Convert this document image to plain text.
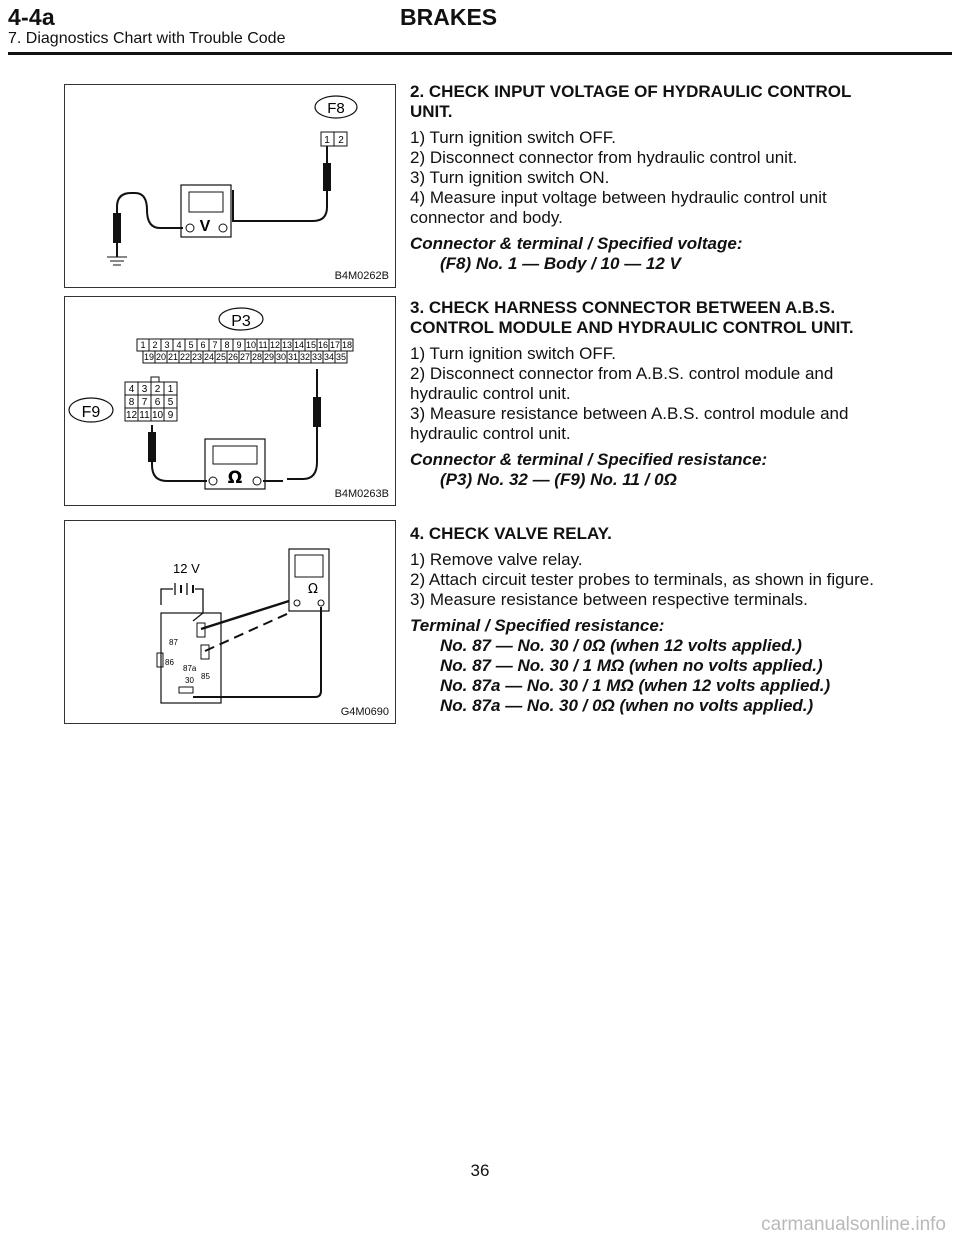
4-4a	BRAKES
7. Diagnostics Chart with Trouble Code
F8
1 2
V
B4M0262B
P3
1 2 3 4 5 6 7 8 9 10 11 12 13 14 15 16 17 18
19 20 21 22 23 24 25 26 27 28 29 30 31 32 33 34 35
Ω
F9
4 3 2 1
8 7 6 5
12 11 10 9
B4M0263B
12 V
87
86
87a
85
30
Ω
G4M0690
2. CHECK INPUT VOLTAGE OF HYDRAULIC CONTROL UNIT.
1) Turn ignition switch OFF.
2) Disconnect connector from hydraulic control unit.
3) Turn ignition switch ON.
4) Measure input voltage between hydraulic control unit connector and body.
Connector & terminal / Specified voltage:
(F8) No. 1 — Body / 10 — 12 V
3. CHECK HARNESS CONNECTOR BETWEEN A.B.S. CONTROL MODULE AND HYDRAULIC CONTROL UNIT.
1) Turn ignition switch OFF.
2) Disconnect connector from A.B.S. control module and hydraulic control unit.
3) Measure resistance between A.B.S. control module and hydraulic control unit.
Connector & terminal / Specified resistance:
(P3) No. 32 — (F9) No. 11 / 0Ω
4. CHECK VALVE RELAY.
1) Remove valve relay.
2) Attach circuit tester probes to terminals, as shown in figure.
3) Measure resistance between respective terminals.
Terminal / Specified resistance:
No. 87 — No. 30 / 0Ω (when 12 volts applied.)
No. 87 — No. 30 / 1 MΩ (when no volts applied.)
No. 87a — No. 30 / 1 MΩ (when 12 volts applied.)
No. 87a — No. 30 / 0Ω (when no volts applied.)
36
carmanualsonline.info
